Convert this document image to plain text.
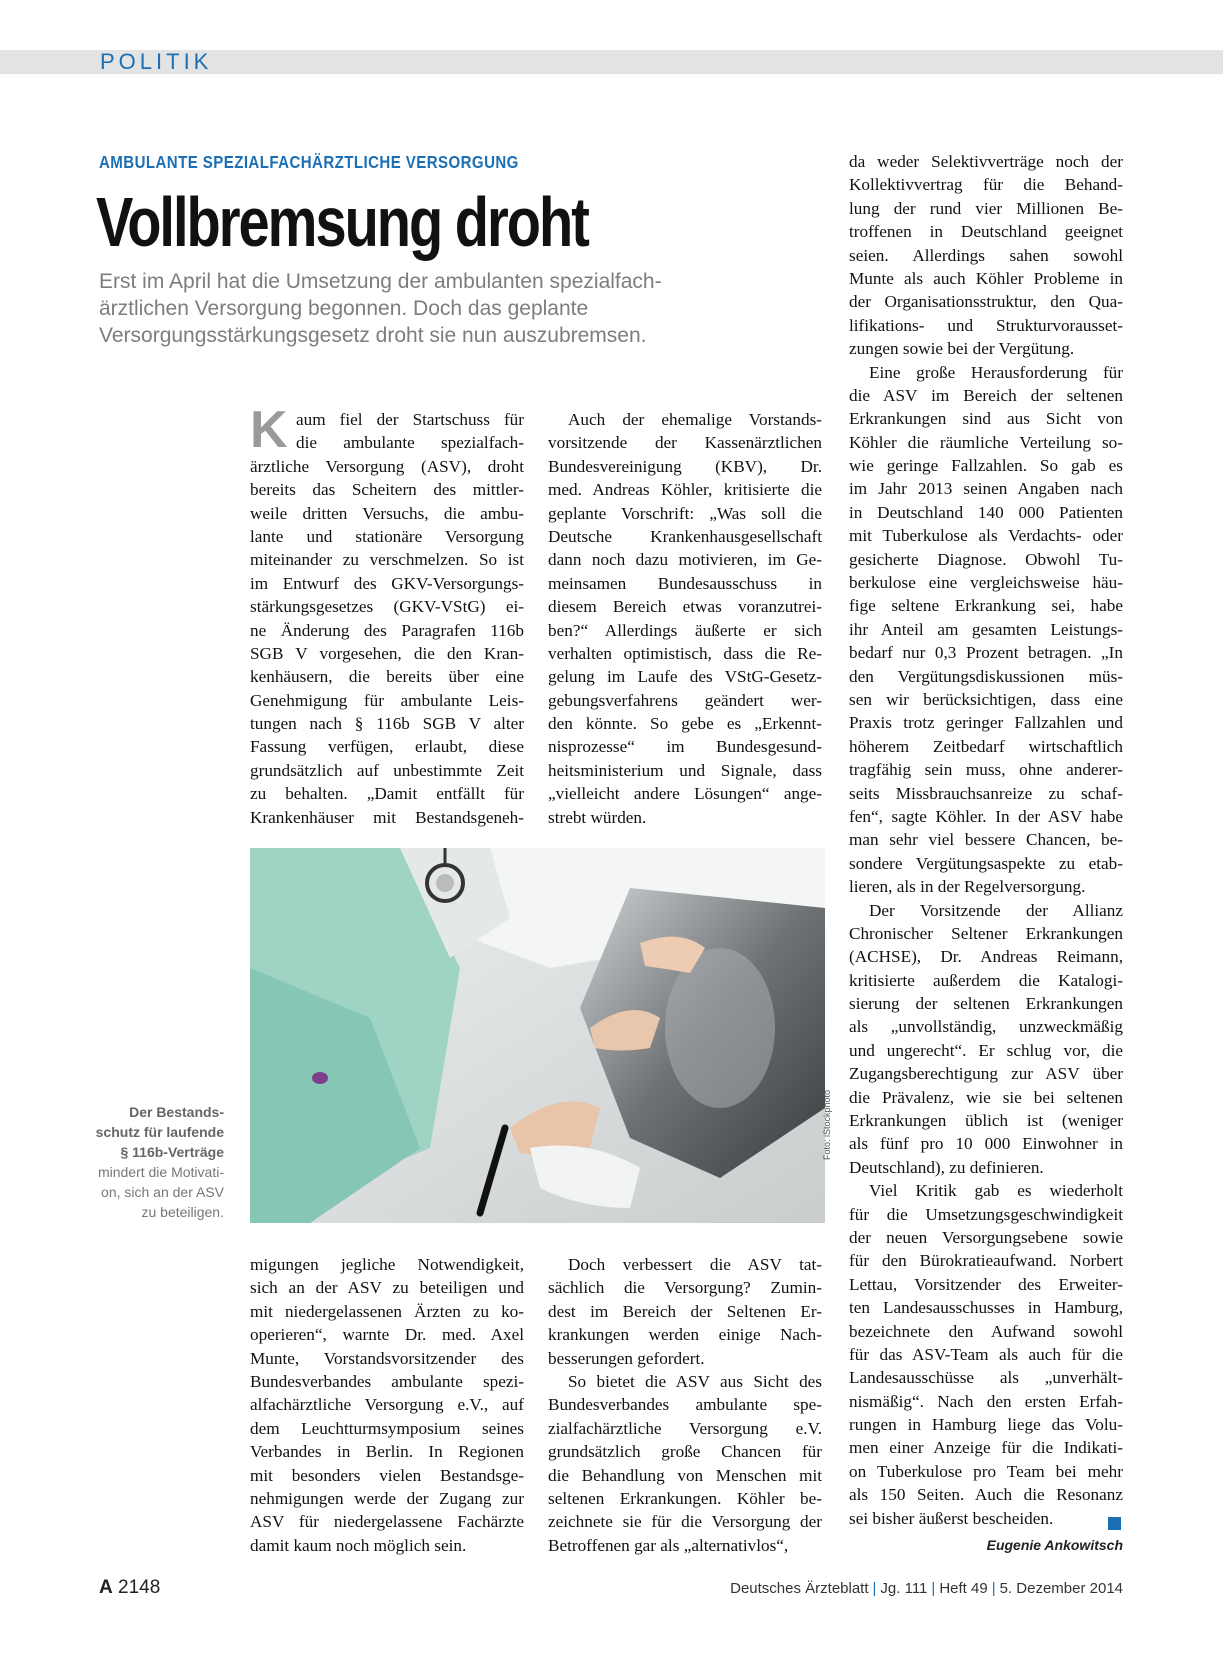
POLITIK
AMBULANTE SPEZIALFACHÄRZTLICHE VERSORGUNG
Vollbremsung droht
Erst im April hat die Umsetzung der ambulanten spezialfach-
ärztlichen Versorgung begonnen. Doch das geplante
Versorgungsstärkungsgesetz droht sie nun auszubremsen.
K aum fiel der Startschuss für
die ambulante spezialfach-
ärztliche Versorgung (ASV), droht
bereits das Scheitern des mittler-
weile dritten Versuchs, die ambu-
lante und stationäre Versorgung
miteinander zu verschmelzen. So ist
im Entwurf des GKV-Versorgungs-
stärkungsgesetzes (GKV-VStG) ei-
ne Änderung des Paragrafen 116b
SGB V vorgesehen, die den Kran-
kenhäusern, die bereits über eine
Genehmigung für ambulante Leis-
tungen nach § 116b SGB V alter
Fassung verfügen, erlaubt, diese
grundsätzlich auf unbestimmte Zeit
zu behalten. „Damit entfällt für
Krankenhäuser mit Bestandsgeneh-
Auch der ehemalige Vorstands-
vorsitzende der Kassenärztlichen
Bundesvereinigung (KBV), Dr.
med. Andreas Köhler, kritisierte die
geplante Vorschrift: „Was soll die
Deutsche Krankenhausgesellschaft
dann noch dazu motivieren, im Ge-
meinsamen Bundesausschuss in
diesem Bereich etwas voranzutrei-
ben?“ Allerdings äußerte er sich
verhalten optimistisch, dass die Re-
gelung im Laufe des VStG-Gesetz-
gebungsverfahrens geändert wer-
den könnte. So gebe es „Erkennt-
nisprozesse“ im Bundesgesund-
heitsministerium und Signale, dass
„vielleicht andere Lösungen“ ange-
strebt würden.
Foto: iStockphoto
Der Bestands-
schutz für laufende
§ 116b-Verträge
mindert die Motivati-
on, sich an der ASV
zu beteiligen.
migungen jegliche Notwendigkeit,
sich an der ASV zu beteiligen und
mit niedergelassenen Ärzten zu ko-
operieren“, warnte Dr. med. Axel
Munte, Vorstandsvorsitzender des
Bundesverbandes ambulante spezi-
alfachärztliche Versorgung e.V., auf
dem Leuchtturmsymposium seines
Verbandes in Berlin. In Regionen
mit besonders vielen Bestandsge-
nehmigungen werde der Zugang zur
ASV für niedergelassene Fachärzte
damit kaum noch möglich sein.
Doch verbessert die ASV tat-
sächlich die Versorgung? Zumin-
dest im Bereich der Seltenen Er-
krankungen werden einige Nach-
besserungen gefordert.
So bietet die ASV aus Sicht des
Bundesverbandes ambulante spe-
zialfachärztliche Versorgung e.V.
grundsätzlich große Chancen für
die Behandlung von Menschen mit
seltenen Erkrankungen. Köhler be-
zeichnete sie für die Versorgung der
Betroffenen gar als „alternativlos“,
da weder Selektivverträge noch der
Kollektivvertrag für die Behand-
lung der rund vier Millionen Be-
troffenen in Deutschland geeignet
seien. Allerdings sahen sowohl
Munte als auch Köhler Probleme in
der Organisationsstruktur, den Qua-
lifikations- und Strukturvorausset-
zungen sowie bei der Vergütung.
Eine große Herausforderung für
die ASV im Bereich der seltenen
Erkrankungen sind aus Sicht von
Köhler die räumliche Verteilung so-
wie geringe Fallzahlen. So gab es
im Jahr 2013 seinen Angaben nach
in Deutschland 140 000 Patienten
mit Tuberkulose als Verdachts- oder
gesicherte Diagnose. Obwohl Tu-
berkulose eine vergleichsweise häu-
fige seltene Erkrankung sei, habe
ihr Anteil am gesamten Leistungs-
bedarf nur 0,3 Prozent betragen. „In
den Vergütungsdiskussionen müs-
sen wir berücksichtigen, dass eine
Praxis trotz geringer Fallzahlen und
höherem Zeitbedarf wirtschaftlich
tragfähig sein muss, ohne anderer-
seits Missbrauchsanreize zu schaf-
fen“, sagte Köhler. In der ASV habe
man sehr viel bessere Chancen, be-
sondere Vergütungsaspekte zu etab-
lieren, als in der Regelversorgung.
Der Vorsitzende der Allianz
Chronischer Seltener Erkrankungen
(ACHSE), Dr. Andreas Reimann,
kritisierte außerdem die Katalogi-
sierung der seltenen Erkrankungen
als „unvollständig, unzweckmäßig
und ungerecht“. Er schlug vor, die
Zugangsberechtigung zur ASV über
die Prävalenz, wie sie bei seltenen
Erkrankungen üblich ist (weniger
als fünf pro 10 000 Einwohner in
Deutschland), zu definieren.
Viel Kritik gab es wiederholt
für die Umsetzungsgeschwindigkeit
der neuen Versorgungsebene sowie
für den Bürokratieaufwand. Norbert
Lettau, Vorsitzender des Erweiter-
ten Landesausschusses in Hamburg,
bezeichnete den Aufwand sowohl
für das ASV-Team als auch für die
Landesausschüsse als „unverhält-
nismäßig“. Nach den ersten Erfah-
rungen in Hamburg liege das Volu-
men einer Anzeige für die Indikati-
on Tuberkulose pro Team bei mehr
als 150 Seiten. Auch die Resonanz
sei bisher äußerst bescheiden.
Eugenie Ankowitsch
A 2148	Deutsches Ärzteblatt | Jg. 111 | Heft 49 | 5. Dezember 2014
